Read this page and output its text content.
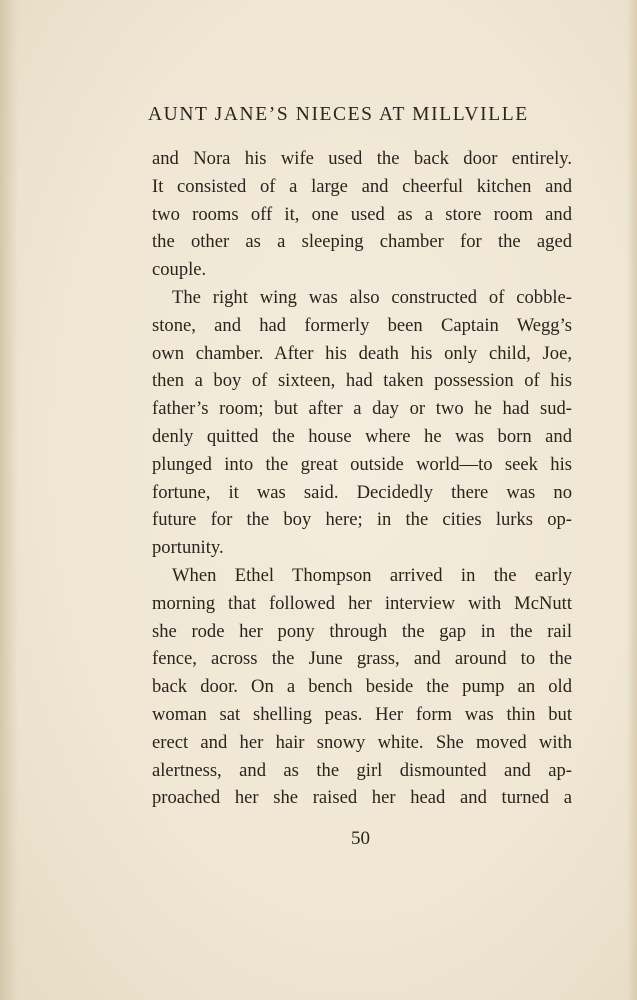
AUNT JANE’S NIECES AT MILLVILLE
and Nora his wife used the back door entirely.
It consisted of a large and cheerful kitchen and
two rooms off it, one used as a store room and
the other as a sleeping chamber for the aged
couple.
The right wing was also constructed of cobble-
stone, and had formerly been Captain Wegg’s
own chamber. After his death his only child, Joe,
then a boy of sixteen, had taken possession of his
father’s room; but after a day or two he had sud-
denly quitted the house where he was born and
plunged into the great outside world—to seek his
fortune, it was said. Decidedly there was no
future for the boy here; in the cities lurks op-
portunity.
When Ethel Thompson arrived in the early
morning that followed her interview with McNutt
she rode her pony through the gap in the rail
fence, across the June grass, and around to the
back door. On a bench beside the pump an old
woman sat shelling peas. Her form was thin but
erect and her hair snowy white. She moved with
alertness, and as the girl dismounted and ap-
proached her she raised her head and turned a
50
